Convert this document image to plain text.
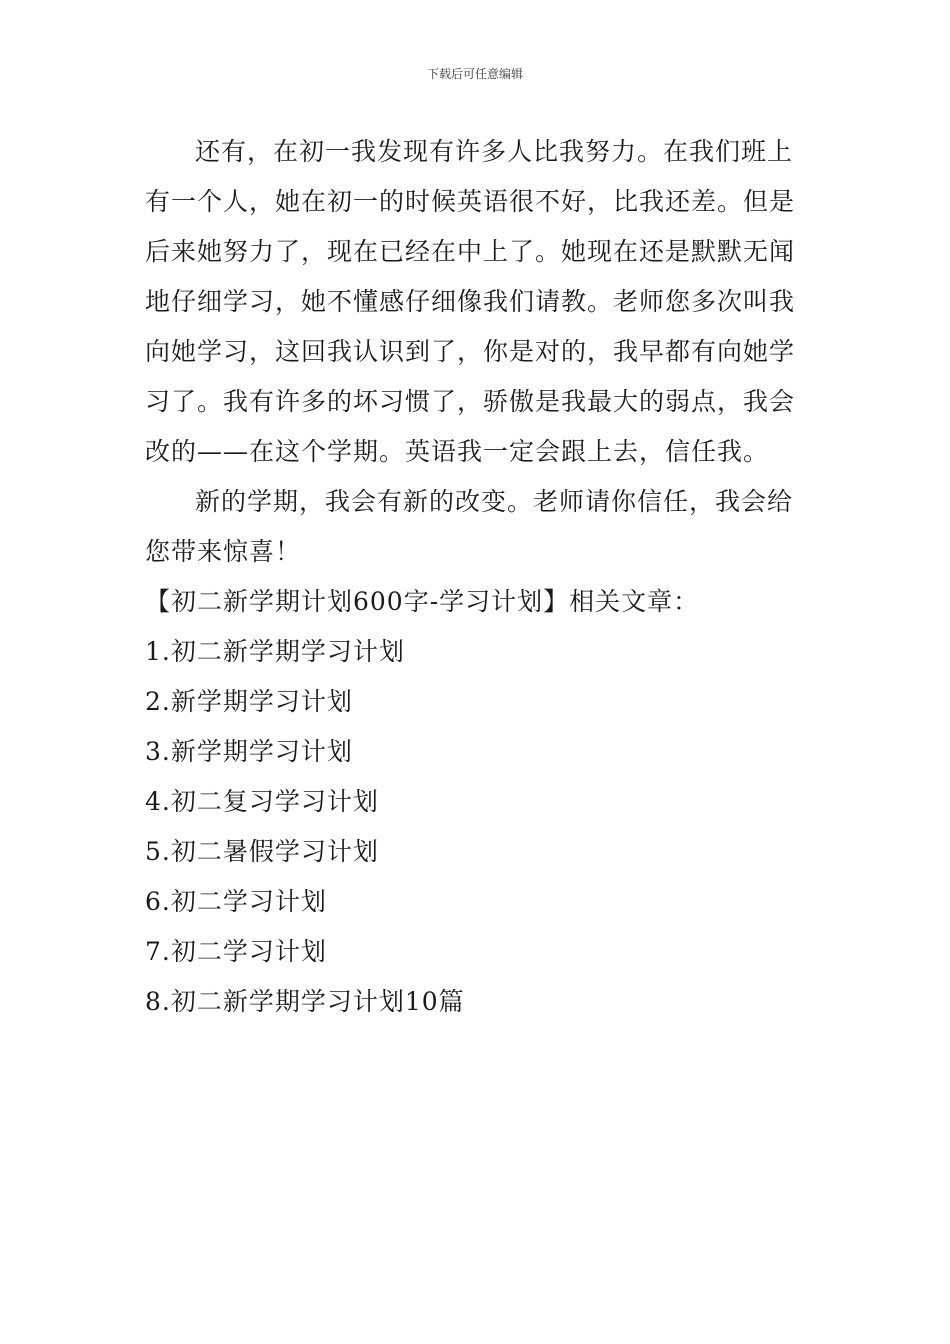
下载后可任意编辑
还有，在初一我发现有许多人比我努力。在我们班上
有一个人，她在初一的时候英语很不好，比我还差。但是
后来她努力了，现在已经在中上了。她现在还是默默无闻
地仔细学习，她不懂感仔细像我们请教。老师您多次叫我
向她学习，这回我认识到了，你是对的，我早都有向她学
习了。我有许多的坏习惯了，骄傲是我最大的弱点，我会
改的——在这个学期。英语我一定会跟上去，信任我。
新的学期，我会有新的改变。老师请你信任，我会给
您带来惊喜！
【初二新学期计划600字-学习计划】相关文章：
1.初二新学期学习计划
2.新学期学习计划
3.新学期学习计划
4.初二复习学习计划
5.初二暑假学习计划
6.初二学习计划
7.初二学习计划
8.初二新学期学习计划10篇
